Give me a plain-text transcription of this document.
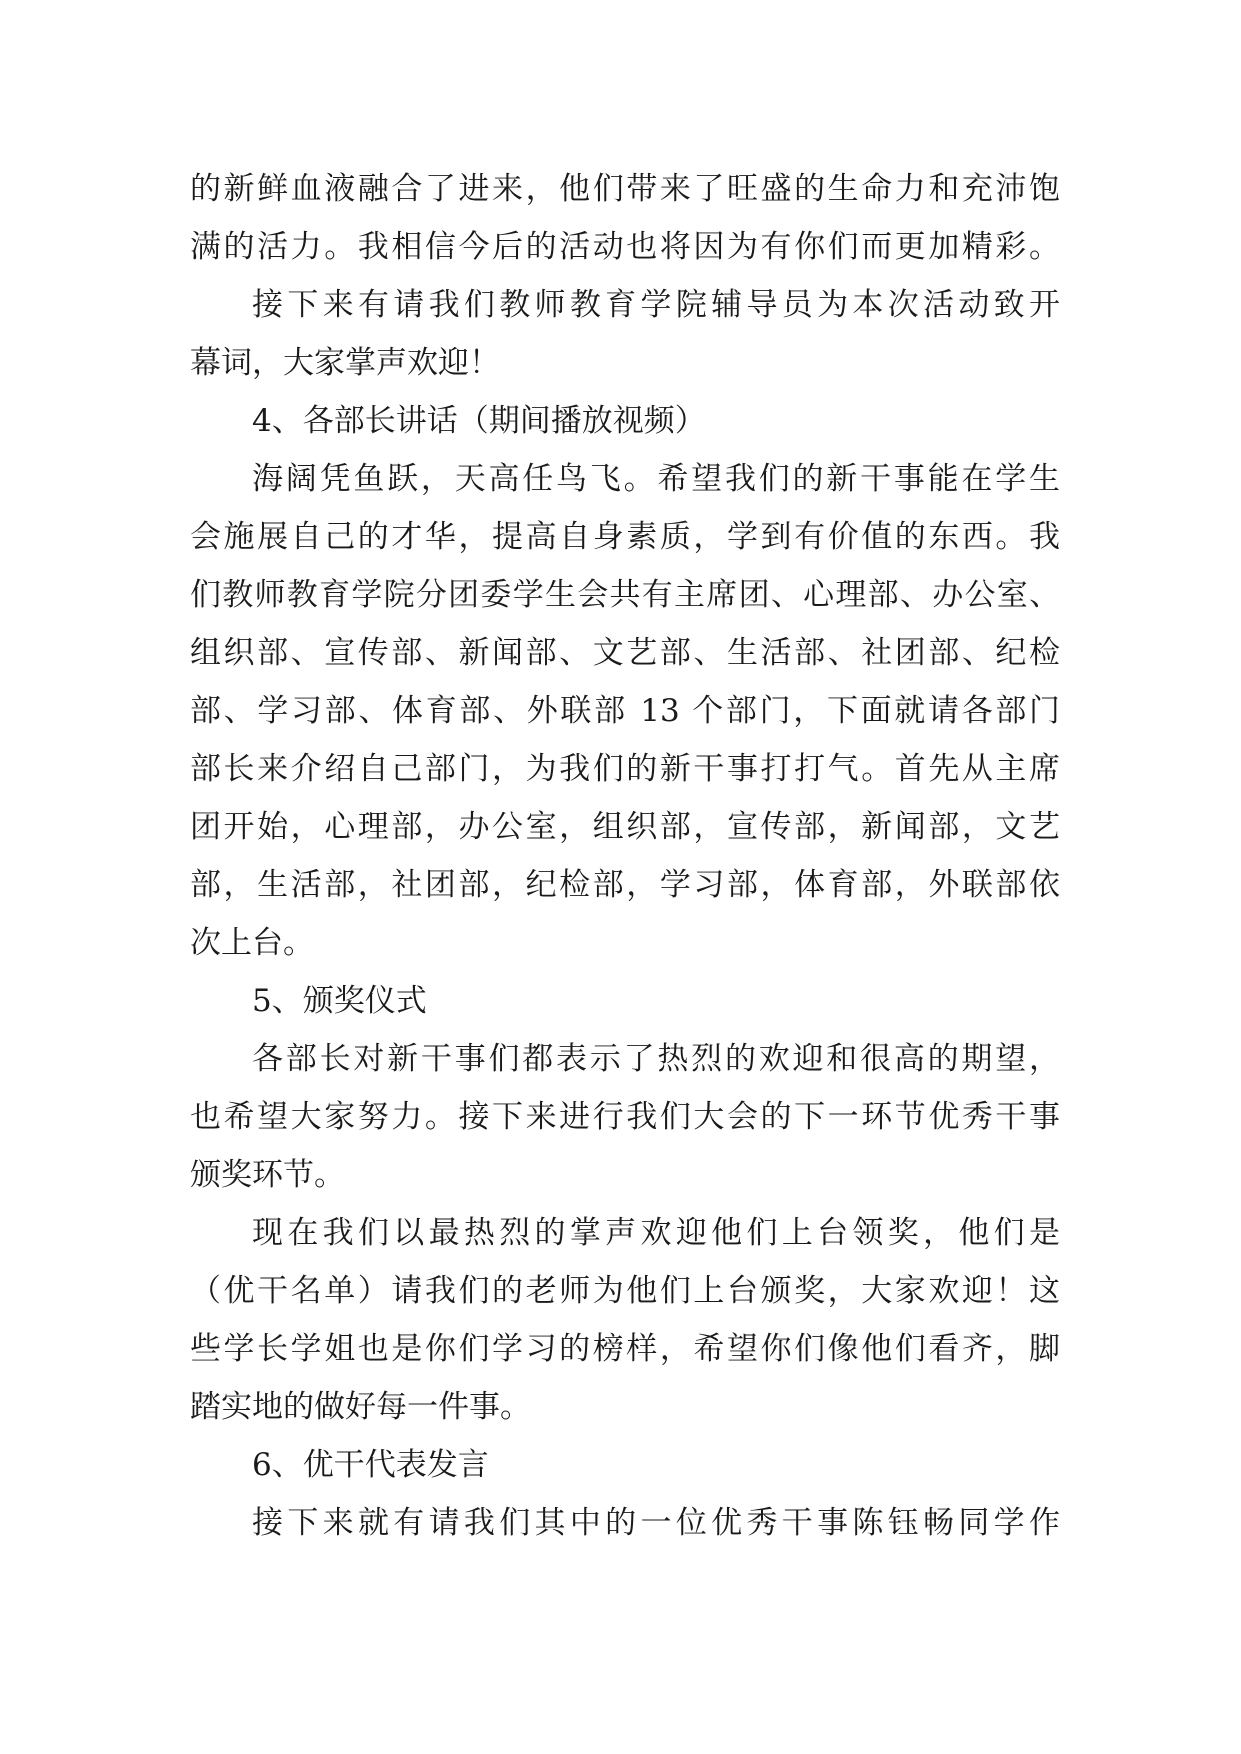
的新鲜血液融合了进来，他们带来了旺盛的生命力和充沛饱
满的活力。我相信今后的活动也将因为有你们而更加精彩。
接下来有请我们教师教育学院辅导员为本次活动致开
幕词，大家掌声欢迎！
4、各部长讲话（期间播放视频）
海阔凭鱼跃，天高任鸟飞。希望我们的新干事能在学生
会施展自己的才华，提高自身素质，学到有价值的东西。我
们教师教育学院分团委学生会共有主席团、心理部、办公室、
组织部、宣传部、新闻部、文艺部、生活部、社团部、纪检
部、学习部、体育部、外联部 13 个部门，下面就请各部门
部长来介绍自己部门，为我们的新干事打打气。首先从主席
团开始，心理部，办公室，组织部，宣传部，新闻部，文艺
部，生活部，社团部，纪检部，学习部，体育部，外联部依
次上台。
5、颁奖仪式
各部长对新干事们都表示了热烈的欢迎和很高的期望，
也希望大家努力。接下来进行我们大会的下一环节优秀干事
颁奖环节。
现在我们以最热烈的掌声欢迎他们上台领奖，他们是
（优干名单）请我们的老师为他们上台颁奖，大家欢迎！这
些学长学姐也是你们学习的榜样，希望你们像他们看齐，脚
踏实地的做好每一件事。
6、优干代表发言
接下来就有请我们其中的一位优秀干事陈钰畅同学作
